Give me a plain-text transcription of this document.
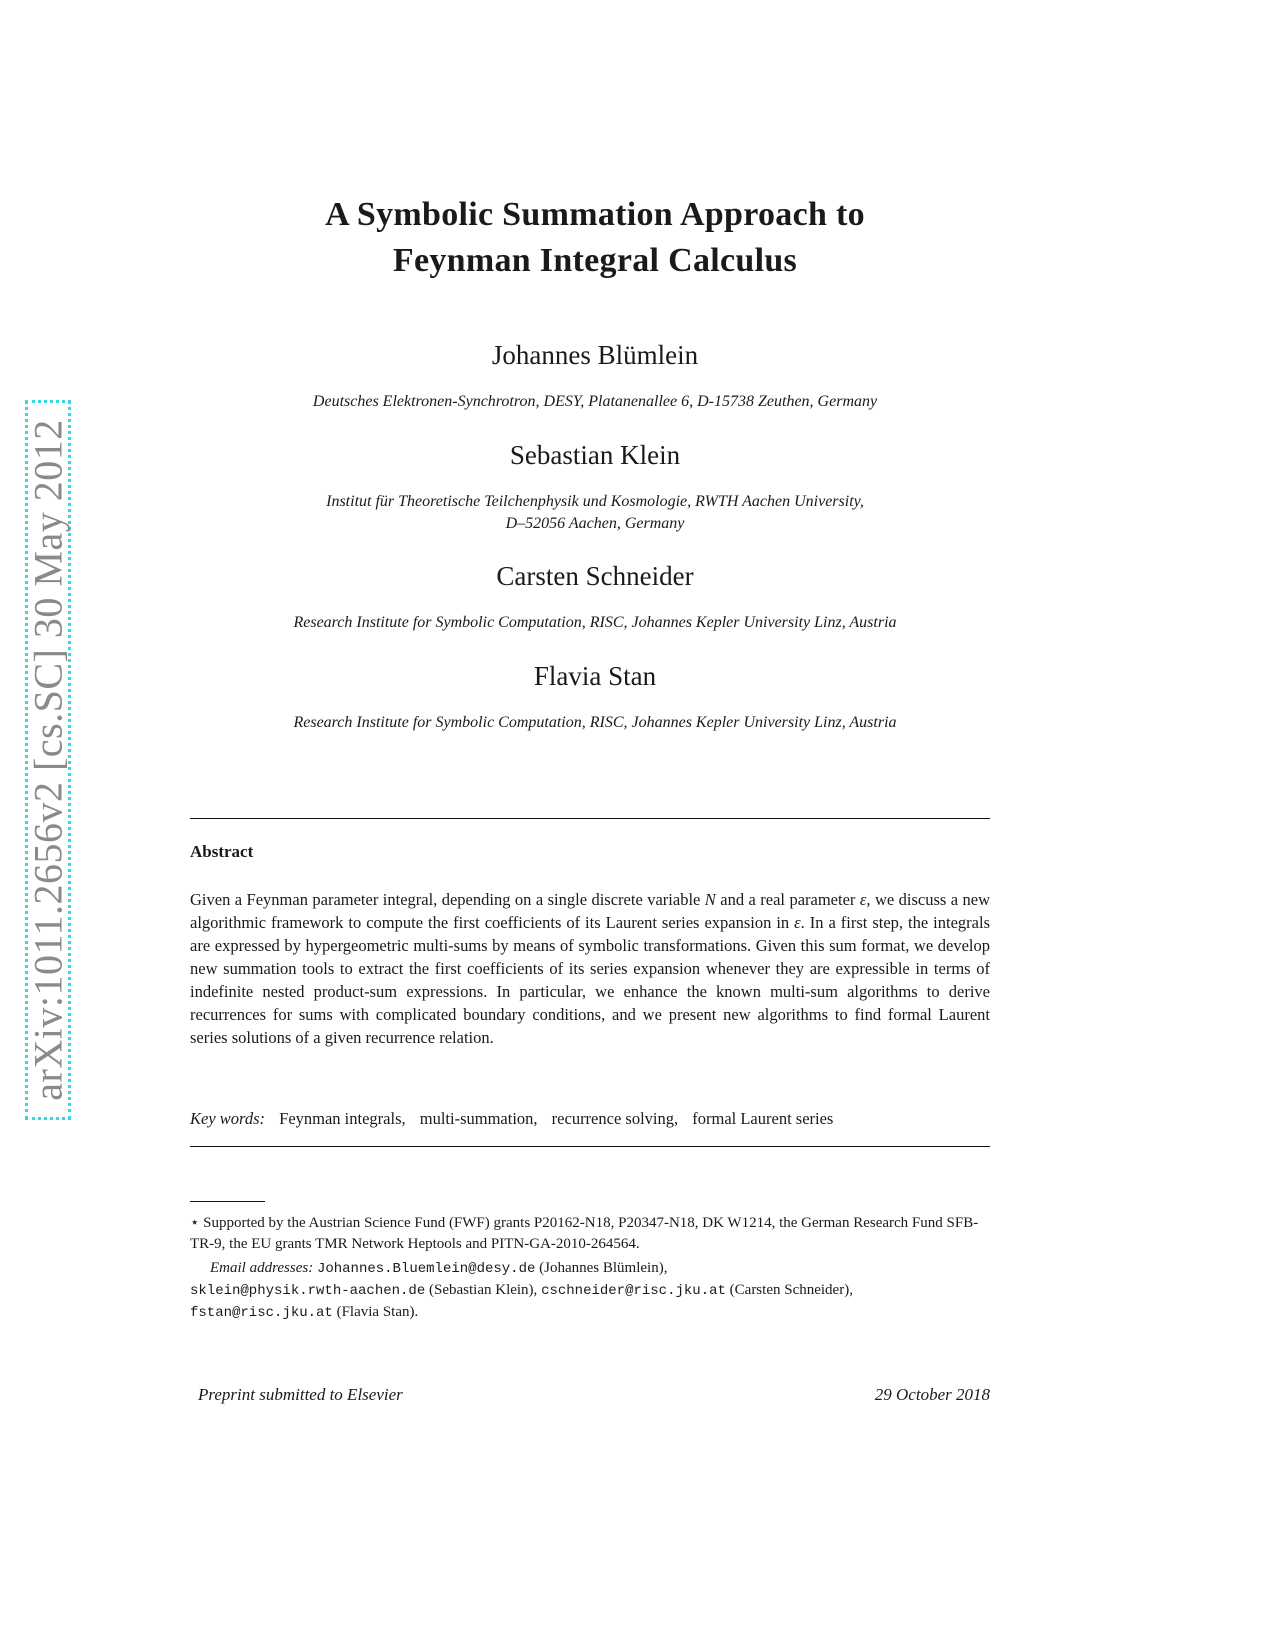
arXiv:1011.2656v2 [cs.SC] 30 May 2012
A Symbolic Summation Approach to
Feynman Integral Calculus
Johannes Blümlein
Deutsches Elektronen-Synchrotron, DESY, Platanenallee 6, D-15738 Zeuthen, Germany
Sebastian Klein
Institut für Theoretische Teilchenphysik und Kosmologie, RWTH Aachen University,
D–52056 Aachen, Germany
Carsten Schneider
Research Institute for Symbolic Computation, RISC, Johannes Kepler University Linz, Austria
Flavia Stan
Research Institute for Symbolic Computation, RISC, Johannes Kepler University Linz, Austria
Abstract
Given a Feynman parameter integral, depending on a single discrete variable N and a real parameter ε, we discuss a new algorithmic framework to compute the first coefficients of its Laurent series expansion in ε. In a first step, the integrals are expressed by hypergeometric multi-sums by means of symbolic transformations. Given this sum format, we develop new summation tools to extract the first coefficients of its series expansion whenever they are expressible in terms of indefinite nested product-sum expressions. In particular, we enhance the known multi-sum algorithms to derive recurrences for sums with complicated boundary conditions, and we present new algorithms to find formal Laurent series solutions of a given recurrence relation.
Key words: Feynman integrals, multi-summation, recurrence solving, formal Laurent series
⋆ Supported by the Austrian Science Fund (FWF) grants P20162-N18, P20347-N18, DK W1214, the German Research Fund SFB-TR-9, the EU grants TMR Network Heptools and PITN-GA-2010-264564.
Email addresses: Johannes.Bluemlein@desy.de (Johannes Blümlein),
sklein@physik.rwth-aachen.de (Sebastian Klein), cschneider@risc.jku.at (Carsten Schneider),
fstan@risc.jku.at (Flavia Stan).
Preprint submitted to Elsevier	29 October 2018
